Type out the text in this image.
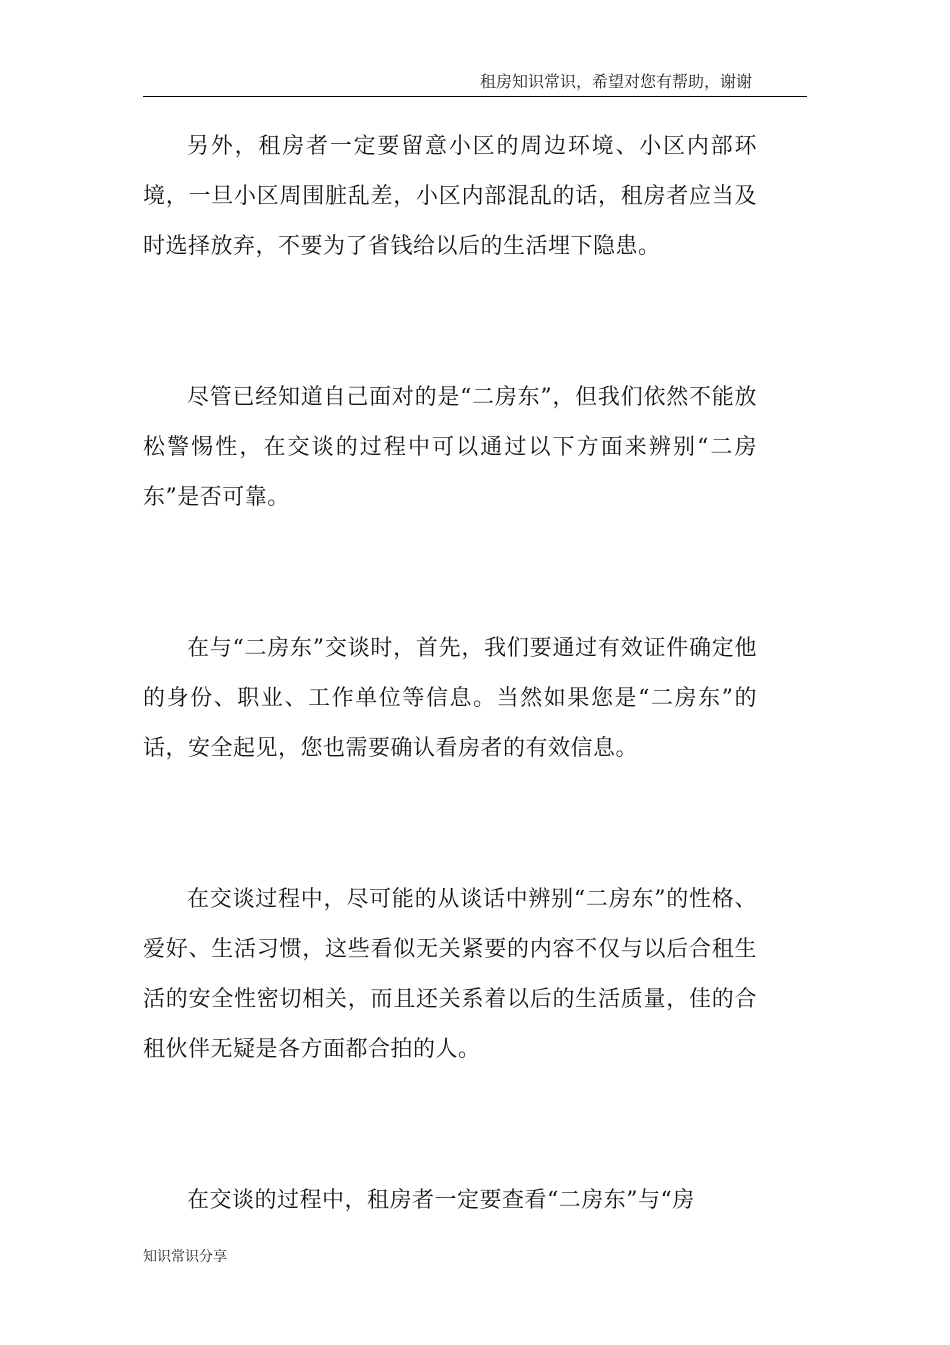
租房知识常识，希望对您有帮助，谢谢

另外，租房者一定要留意小区的周边环境、小区内部环境，一旦小区周围脏乱差，小区内部混乱的话，租房者应当及时选择放弃，不要为了省钱给以后的生活埋下隐患。

尽管已经知道自己面对的是“二房东”，但我们依然不能放松警惕性，在交谈的过程中可以通过以下方面来辨别“二房东”是否可靠。

在与“二房东”交谈时，首先，我们要通过有效证件确定他的身份、职业、工作单位等信息。当然如果您是“二房东”的话，安全起见，您也需要确认看房者的有效信息。

在交谈过程中，尽可能的从谈话中辨别“二房东”的性格、爱好、生活习惯，这些看似无关紧要的内容不仅与以后合租生活的安全性密切相关，而且还关系着以后的生活质量，佳的合租伙伴无疑是各方面都合拍的人。

在交谈的过程中，租房者一定要查看“二房东”与“房

知识常识分享
